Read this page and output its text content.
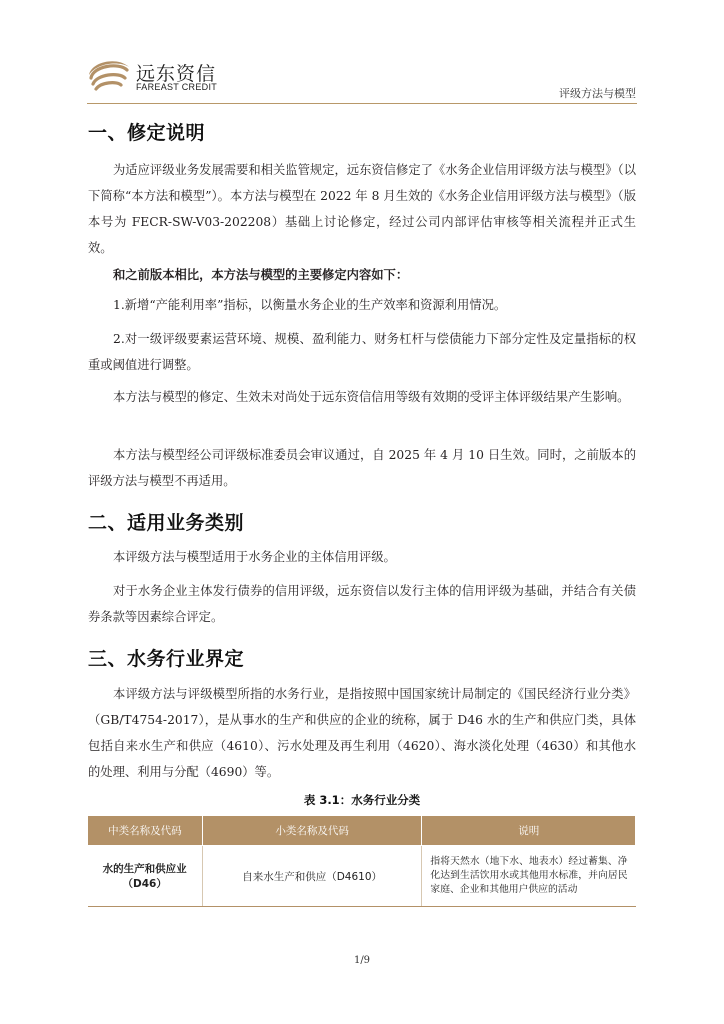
远东资信
FAREAST CREDIT	评级方法与模型
一、修定说明
为适应评级业务发展需要和相关监管规定，远东资信修定了《水务企业信用评级方法与模型》（以下简称“本方法和模型”）。本方法与模型在 2022 年 8 月生效的《水务企业信用评级方法与模型》（版本号为 FECR-SW-V03-202208）基础上讨论修定，经过公司内部评估审核等相关流程并正式生效。
和之前版本相比，本方法与模型的主要修定内容如下：
1.新增“产能利用率”指标，以衡量水务企业的生产效率和资源利用情况。
2.对一级评级要素运营环境、规模、盈利能力、财务杠杆与偿债能力下部分定性及定量指标的权重或阈值进行调整。
本方法与模型的修定、生效未对尚处于远东资信信用等级有效期的受评主体评级结果产生影响。
本方法与模型经公司评级标准委员会审议通过，自 2025 年 4 月 10 日生效。同时，之前版本的评级方法与模型不再适用。
二、适用业务类别
本评级方法与模型适用于水务企业的主体信用评级。
对于水务企业主体发行债券的信用评级，远东资信以发行主体的信用评级为基础，并结合有关债券条款等因素综合评定。
三、水务行业界定
本评级方法与评级模型所指的水务行业，是指按照中国国家统计局制定的《国民经济行业分类》（GB/T4754-2017），是从事水的生产和供应的企业的统称，属于 D46 水的生产和供应门类，具体包括自来水生产和供应（4610）、污水处理及再生利用（4620）、海水淡化处理（4630）和其他水的处理、利用与分配（4690）等。
表 3.1：水务行业分类
中类名称及代码	小类名称及代码	说明
水的生产和供应业（D46）	自来水生产和供应（D4610）	指将天然水（地下水、地表水）经过蓄集、净化达到生活饮用水或其他用水标准，并向居民家庭、企业和其他用户供应的活动
1/9
